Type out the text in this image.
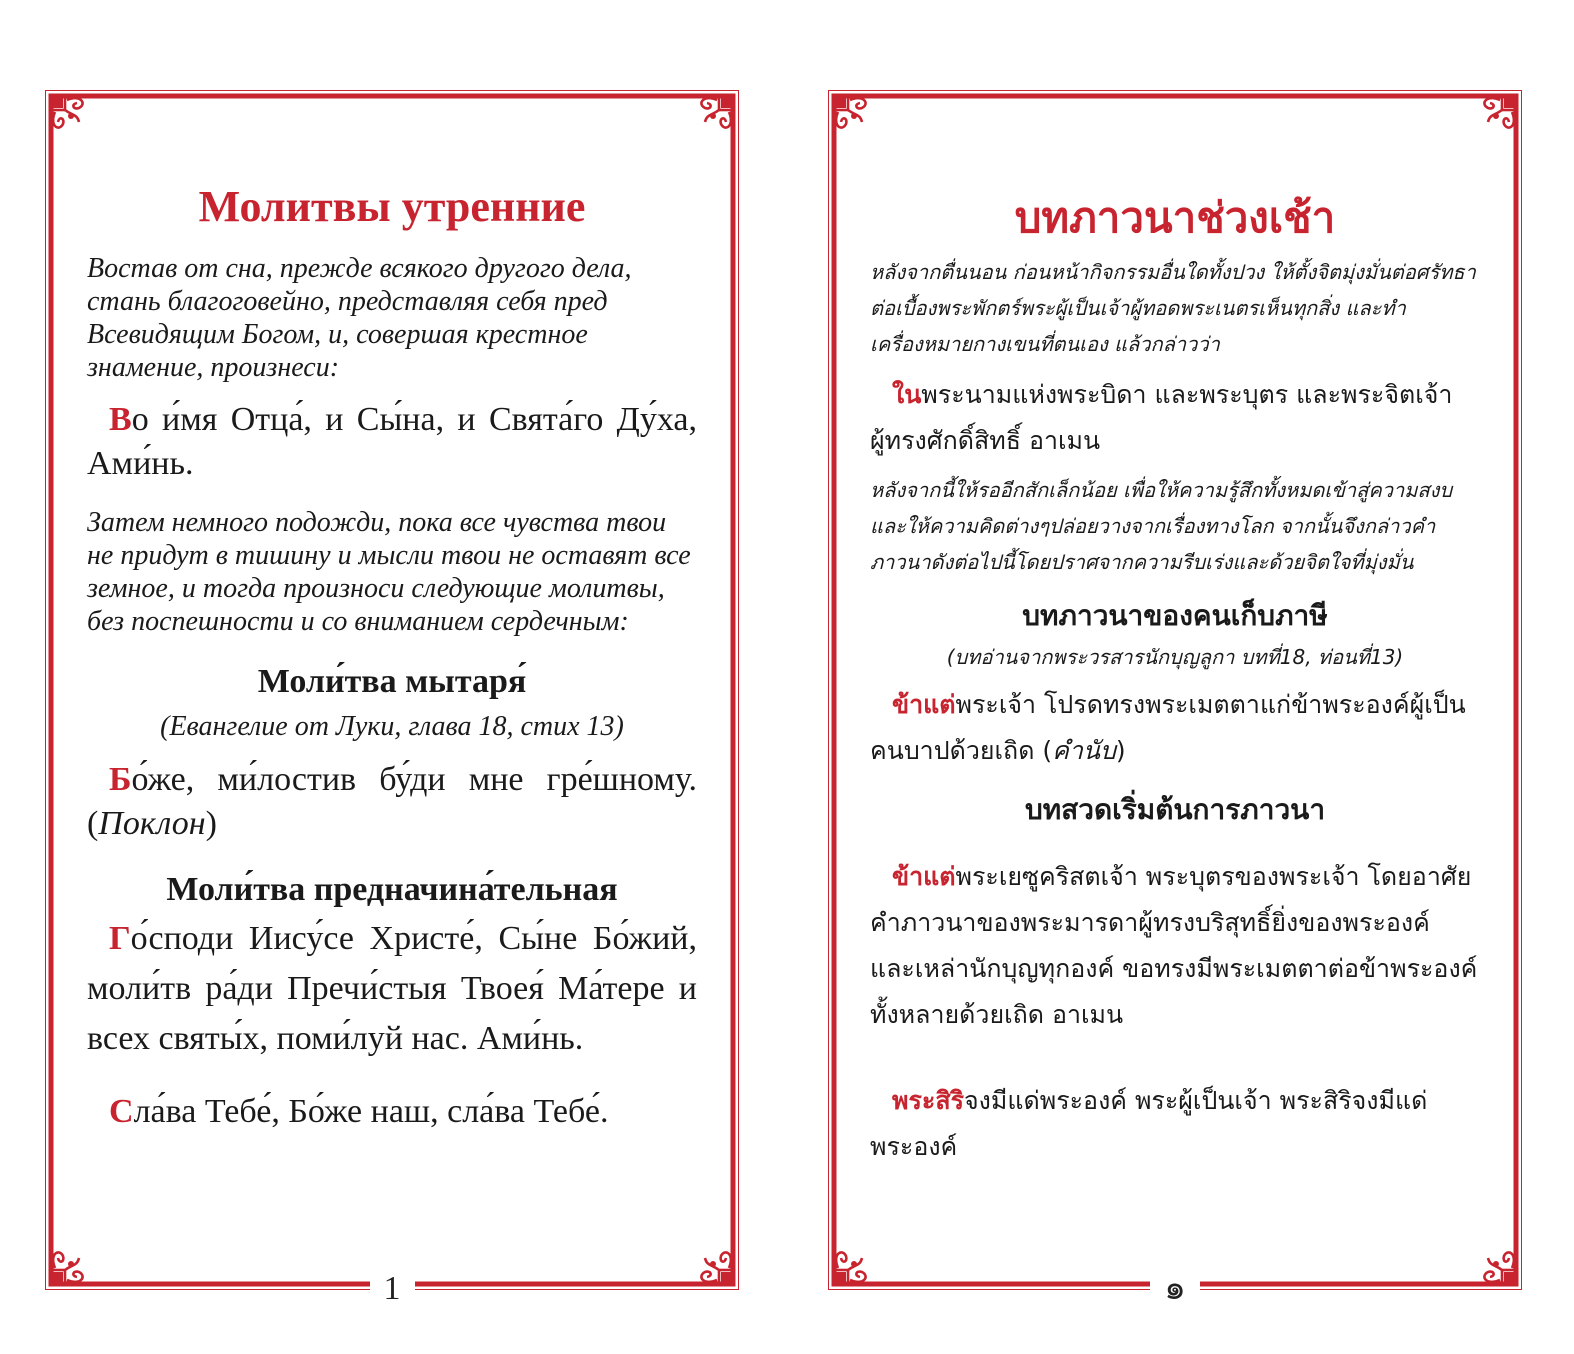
Молитвы утренние

Востав от сна, прежде всякого другого дела, стань благоговейно, представляя себя пред Всевидящим Богом, и, совершая крестное знамение, произнеси:

Во и́мя Отца́, и Сы́на, и Свята́го Ду́ха, Ами́нь.

Затем немного подожди, пока все чувства твои не придут в тишину и мысли твои не оставят все земное, и тогда произноси следующие молитвы, без поспешности и со вниманием сердечным:

Моли́тва мытаря́

(Евангелие от Луки, глава 18, стих 13)

Бо́же, ми́лостив бу́ди мне гре́шному. (Поклон)

Моли́тва предначина́тельная

Го́споди Иису́се Христе́, Сы́не Бо́жий, моли́тв ра́ди Пречи́стыя Твоея́ Ма́тере и всех святы́х, поми́луй нас. Ами́нь.

Сла́ва Тебе́, Бо́же наш, сла́ва Тебе́.

1
บทภาวนาช่วงเช้า

หลังจากตื่นนอน ก่อนหน้ากิจกรรมอื่นใดทั้งปวง ให้ตั้งจิตมุ่งมั่นต่อศรัทธาต่อเบื้องพระพักตร์พระผู้เป็นเจ้าผู้ทอดพระเนตรเห็นทุกสิ่ง และทำเครื่องหมายกางเขนที่ตนเอง แล้วกล่าวว่า

ในพระนามแห่งพระบิดา และพระบุตร และพระจิตเจ้าผู้ทรงศักดิ์สิทธิ์ อาเมน

หลังจากนี้ให้รออีกสักเล็กน้อย เพื่อให้ความรู้สึกทั้งหมดเข้าสู่ความสงบ และให้ความคิดต่างๆปล่อยวางจากเรื่องทางโลก จากนั้นจึงกล่าวคำภาวนาดังต่อไปนี้โดยปราศจากความรีบเร่งและด้วยจิตใจที่มุ่งมั่น

บทภาวนาของคนเก็บภาษี

(บทอ่านจากพระวรสารนักบุญลูกา บทที่18, ท่อนที่13)

ข้าแต่พระเจ้า โปรดทรงพระเมตตาแก่ข้าพระองค์ผู้เป็นคนบาปด้วยเถิด (คำนับ)

บทสวดเริ่มต้นการภาวนา

ข้าแต่พระเยซูคริสตเจ้า พระบุตรของพระเจ้า โดยอาศัยคำภาวนาของพระมารดาผู้ทรงบริสุทธิ์ยิ่งของพระองค์ และเหล่านักบุญทุกองค์ ขอทรงมีพระเมตตาต่อข้าพระองค์ทั้งหลายด้วยเถิด อาเมน

พระสิริจงมีแด่พระองค์ พระผู้เป็นเจ้า พระสิริจงมีแด่พระองค์

๑
